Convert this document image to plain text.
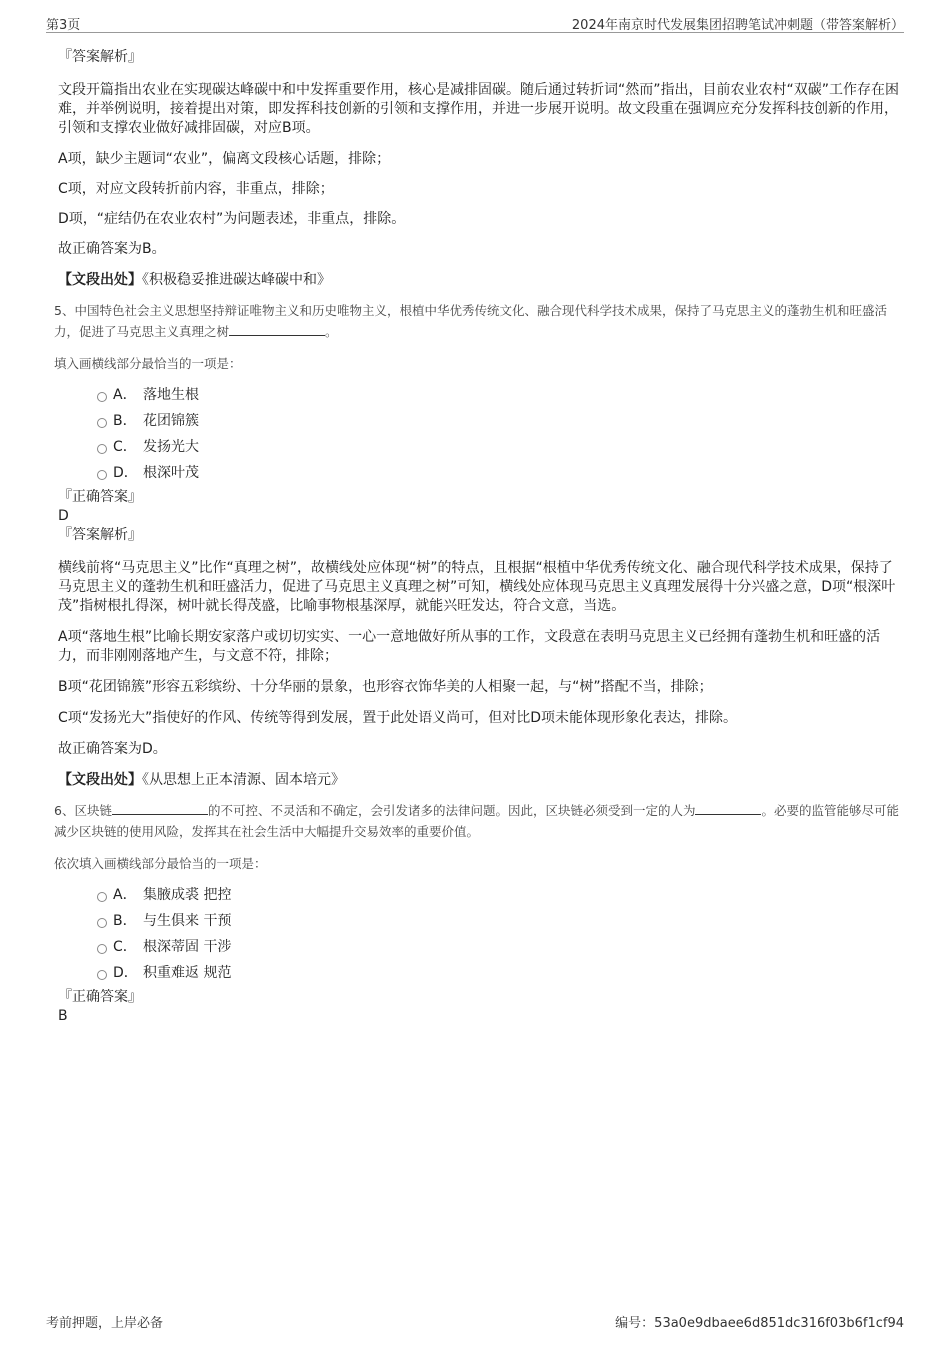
第3页	2024年南京时代发展集团招聘笔试冲刺题（带答案解析）
『答案解析』

文段开篇指出农业在实现碳达峰碳中和中发挥重要作用，核心是减排固碳。随后通过转折词“然而”指出，目前农业农村“双碳”工作存在困难，并举例说明，接着提出对策，即发挥科技创新的引领和支撑作用，并进一步展开说明。故文段重在强调应充分发挥科技创新的作用，引领和支撑农业做好减排固碳，对应B项。

A项，缺少主题词“农业”，偏离文段核心话题，排除；

C项，对应文段转折前内容，非重点，排除；

D项，“症结仍在农业农村”为问题表述，非重点，排除。

故正确答案为B。

【文段出处】《积极稳妥推进碳达峰碳中和》

5、中国特色社会主义思想坚持辩证唯物主义和历史唯物主义，根植中华优秀传统文化、融合现代科学技术成果，保持了马克思主义的蓬勃生机和旺盛活力，促进了马克思主义真理之树	。

填入画横线部分最恰当的一项是：

A． 落地生根
B． 花团锦簇
C． 发扬光大
D． 根深叶茂
『正确答案』

D

『答案解析』

横线前将“马克思主义”比作“真理之树”，故横线处应体现“树”的特点，且根据“根植中华优秀传统文化、融合现代科学技术成果，保持了马克思主义的蓬勃生机和旺盛活力，促进了马克思主义真理之树”可知，横线处应体现马克思主义真理发展得十分兴盛之意，D项“根深叶茂”指树根扎得深，树叶就长得茂盛，比喻事物根基深厚，就能兴旺发达，符合文意，当选。

A项“落地生根”比喻长期安家落户或切切实实、一心一意地做好所从事的工作，文段意在表明马克思主义已经拥有蓬勃生机和旺盛的活力，而非刚刚落地产生，与文意不符，排除；

B项“花团锦簇”形容五彩缤纷、十分华丽的景象，也形容衣饰华美的人相聚一起，与“树”搭配不当，排除；

C项“发扬光大”指使好的作风、传统等得到发展，置于此处语义尚可，但对比D项未能体现形象化表达，排除。

故正确答案为D。

【文段出处】《从思想上正本清源、固本培元》

6、区块链	的不可控、不灵活和不确定，会引发诸多的法律问题。因此，区块链必须受到一定的人为	。必要的监管能够尽可能减少区块链的使用风险，发挥其在社会生活中大幅提升交易效率的重要价值。

依次填入画横线部分最恰当的一项是：

A． 集腋成裘 把控
B． 与生俱来 干预
C． 根深蒂固 干涉
D． 积重难返 规范
『正确答案』

B

考前押题，上岸必备	编号：53a0e9dbaee6d851dc316f03b6f1cf94
